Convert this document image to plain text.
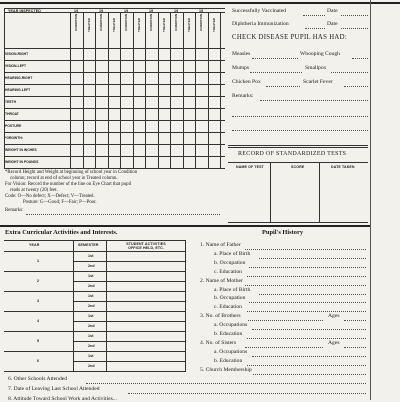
YEAR INSPECTED	19	19	19	19	19	19
CONDITION	TREATED	CONDITION	TREATED	CONDITION	TREATED	CONDITION	TREATED	CONDITION	TREATED	CONDITION	TREATED
VISION-RIGHT
VISION-LEFT
HEARING-RIGHT
HEARING-LEFT
TEETH
THROAT
POSTURE
*GROWTH:
WEIGHT IN INCHES
WEIGHT IN POUNDS
*Record Height and Weight at beginning of school year in Condition
column; record at end of school year in Treated column.
For Vision: Record the number of the line on Eye Chart that pupil
reads at twenty (20) feet.
Code: O—No defect; X—Defect; V—Treated.
Posture: G—Good; F—Fair; P—Poor.
Remarks:
Successfully Vaccinated	Date
Diphtheria Immunization	Date
CHECK DISEASE PUPIL HAS HAD:
Measles	Whooping Cough
Mumps	Smallpox
Chicken Pox	Scarlet Fever
Remarks:
RECORD OF STANDARDIZED TESTS
NAME OF TEST	SCORE	DATE TAKEN
Extra Curricular Activities and Interests.
YEAR	SEMESTER	STUDENT ACTIVITIES OFFICE HELD, ETC.
1
1st
2nd
2
1st
2nd
3
1st
2nd
4
1st
2nd
5
1st
2nd
6
1st
2nd
Pupil's History
1. Name of Father
a. Place of Birth
b. Occupation
c. Education
2. Name of Mother
a. Place of Birth
b. Occupation
c. Education
3. No. of Brothers	Ages
a. Occupations
b. Education
4. No. of Sisters	Ages
a. Occupations
b. Education
5. Church Membership
6. Other Schools Attended
7. Date of Leaving Last School Attended
8. Attitude Toward School Work and Activities...
